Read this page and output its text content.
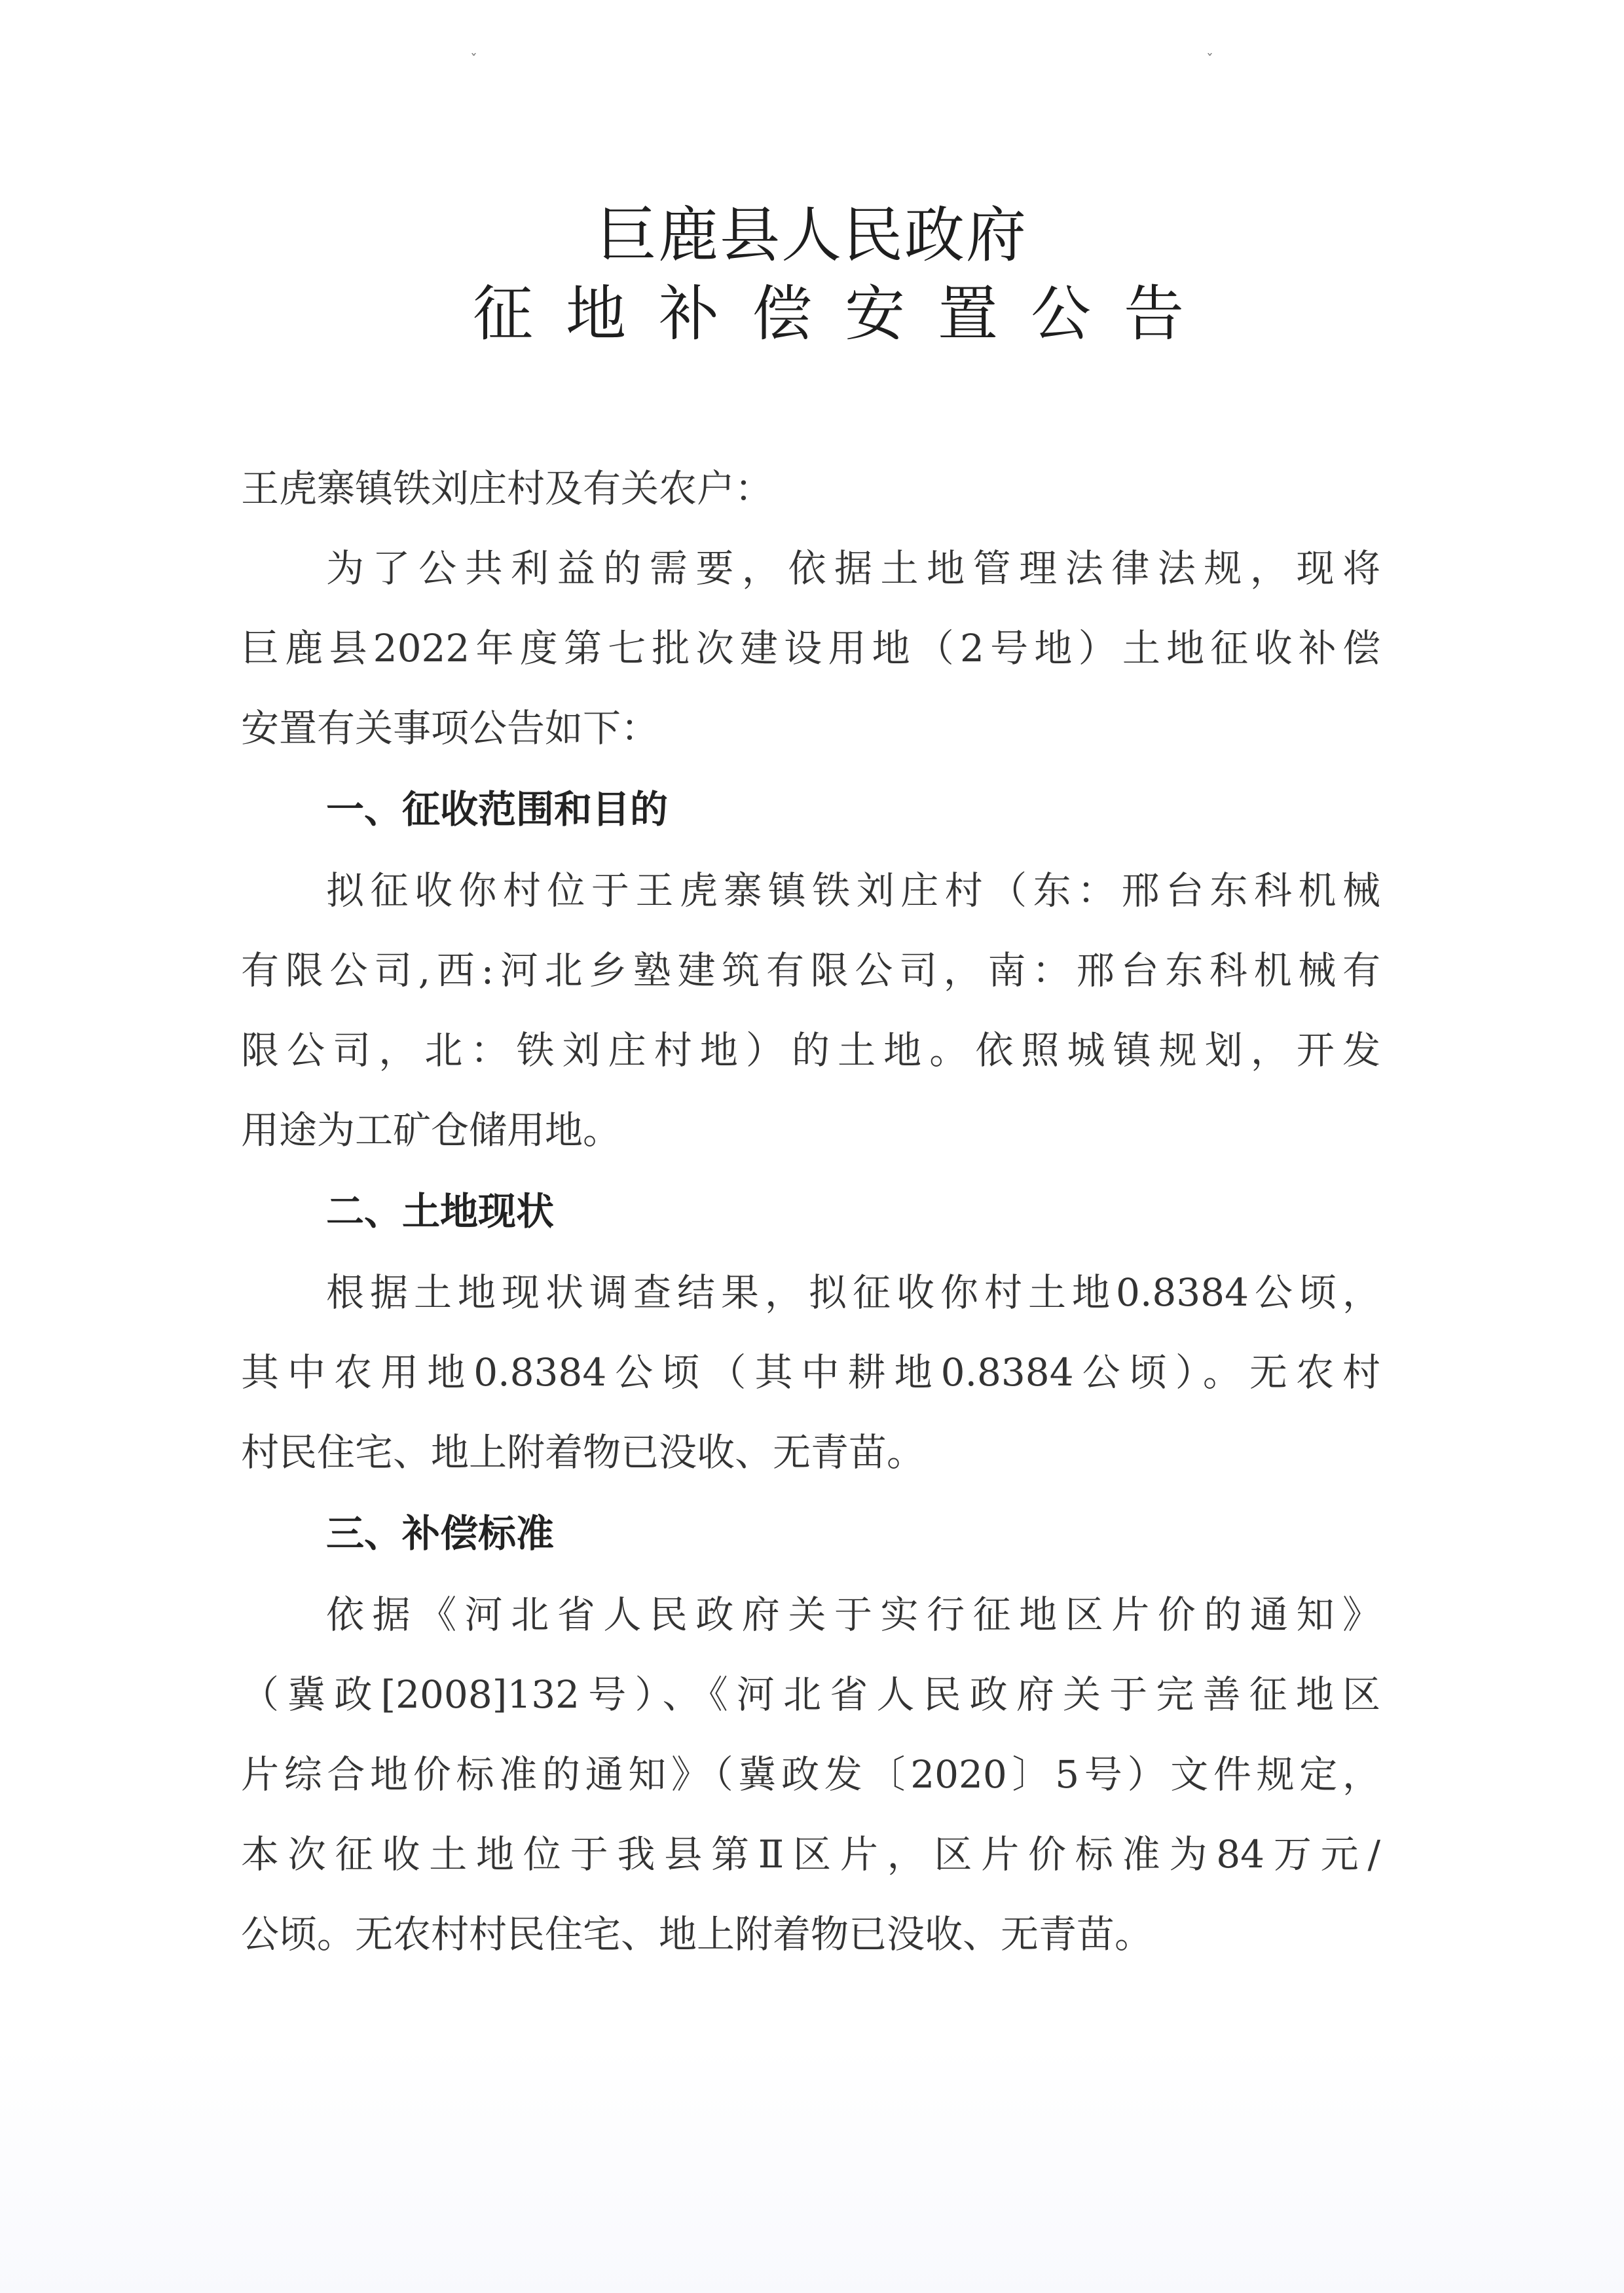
ˇ	ˇ
巨鹿县人民政府
征地补偿安置公告
王虎寨镇铁刘庄村及有关农户：
为了公共利益的需要，依据土地管理法律法规，现将
巨鹿县2022年度第七批次建设用地（2号地）土地征收补偿
安置有关事项公告如下：
一、征收范围和目的
拟征收你村位于王虎寨镇铁刘庄村（东：邢台东科机械
有限公司,西:河北乡塾建筑有限公司，南：邢台东科机械有
限公司，北：铁刘庄村地）的土地。依照城镇规划，开发
用途为工矿仓储用地。
二、土地现状
根据土地现状调查结果，拟征收你村土地0.8384公顷，
其中农用地0.8384公顷（其中耕地0.8384公顷）。无农村
村民住宅、地上附着物已没收、无青苗。
三、补偿标准
依据《河北省人民政府关于实行征地区片价的通知》
（冀政[2008]132号）、《河北省人民政府关于完善征地区
片综合地价标准的通知》（冀政发〔2020〕5号）文件规定，
本次征收土地位于我县第Ⅱ区片，区片价标准为84万元/
公顷。无农村村民住宅、地上附着物已没收、无青苗。
